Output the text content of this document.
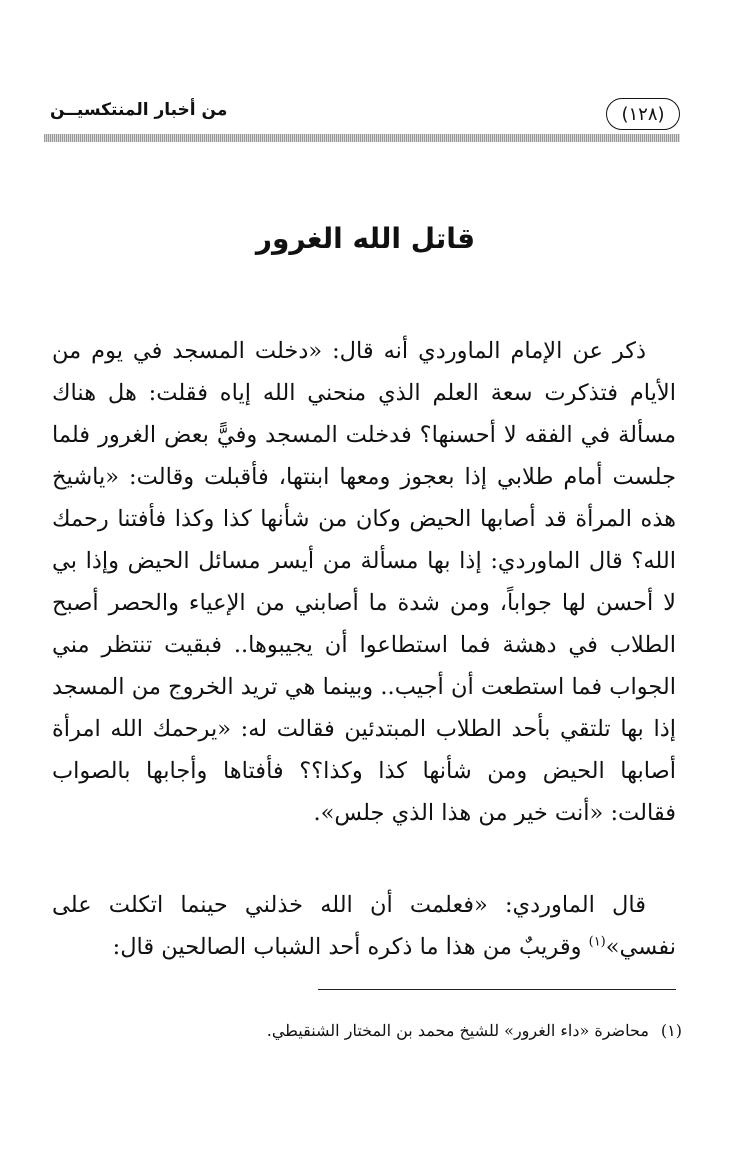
(١٢٨)
من أخبار المنتكسيــن
قاتل الله الغرور

ذكر عن الإمام الماوردي أنه قال: «دخلت المسجد في يوم من الأيام فتذكرت سعة العلم الذي منحني الله إياه فقلت: هل هناك مسألة في الفقه لا أحسنها؟ فدخلت المسجد وفيًّ بعض الغرور فلما جلست أمام طلابي إذا بعجوز ومعها ابنتها، فأقبلت وقالت: «ياشيخ هذه المرأة قد أصابها الحيض وكان من شأنها كذا وكذا فأفتنا رحمك الله؟ قال الماوردي: إذا بها مسألة من أيسر مسائل الحيض وإذا بي لا أحسن لها جواباً، ومن شدة ما أصابني من الإعياء والحصر أصبح الطلاب في دهشة فما استطاعوا أن يجيبوها.. فبقيت تنتظر مني الجواب فما استطعت أن أجيب.. وبينما هي تريد الخروج من المسجد إذا بها تلتقي بأحد الطلاب المبتدئين فقالت له: «يرحمك الله امرأة أصابها الحيض ومن شأنها كذا وكذا؟؟ فأفتاها وأجابها بالصواب فقالت: «أنت خير من هذا الذي جلس».

قال الماوردي: «فعلمت أن الله خذلني حينما اتكلت على نفسي»$^{(١)}$ وقريبٌ من هذا ما ذكره أحد الشباب الصالحين قال:

(١)محاضرة «داء الغرور» للشيخ محمد بن المختار الشنقيطي.
